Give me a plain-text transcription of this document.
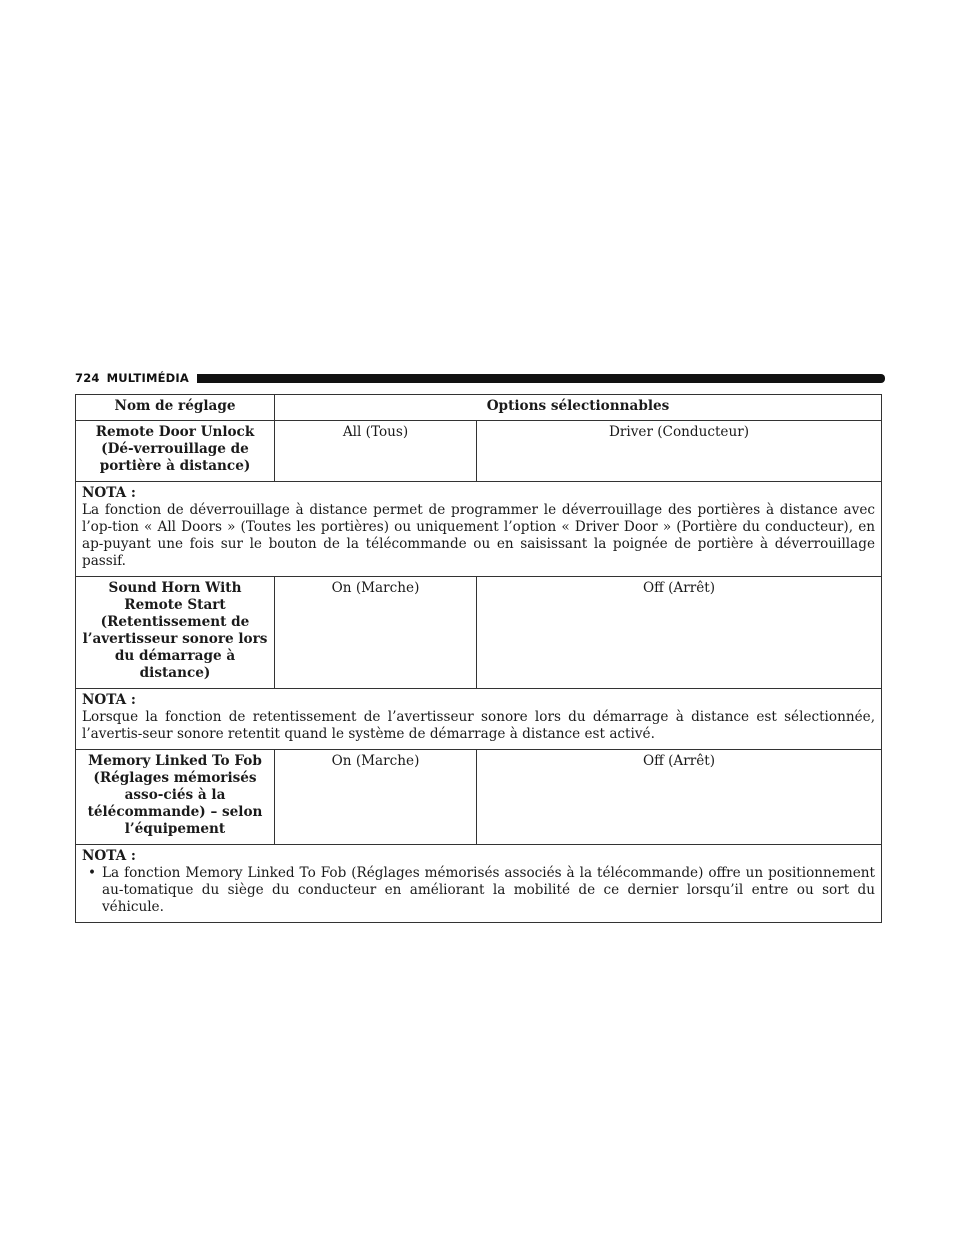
724 MULTIMÉDIA
Nom de réglage	Options sélectionnables	
Remote Door Unlock (Dé-verrouillage de portière à distance)	All (Tous)	Driver (Conducteur)

NOTA :
La fonction de déverrouillage à distance permet de programmer le déverrouillage des portières à distance avec l’op-tion « All Doors » (Toutes les portières) ou uniquement l’option « Driver Door » (Portière du conducteur), en ap-puyant une fois sur le bouton de la télécommande ou en saisissant la poignée de portière à déverrouillage passif.		

Sound Horn With Remote Start (Retentissement de l’avertisseur sonore lors du démarrage à distance)	On (Marche)	Off (Arrêt)

NOTA :
Lorsque la fonction de retentissement de l’avertisseur sonore lors du démarrage à distance est sélectionnée, l’avertis-seur sonore retentit quand le système de démarrage à distance est activé.		

Memory Linked To Fob (Réglages mémorisés asso-ciés à la télécommande) – selon l’équipement	On (Marche)	Off (Arrêt)

NOTA :
• La fonction Memory Linked To Fob (Réglages mémorisés associés à la télécommande) offre un positionnement au-tomatique du siège du conducteur en améliorant la mobilité de ce dernier lorsqu’il entre ou sort du véhicule.		
